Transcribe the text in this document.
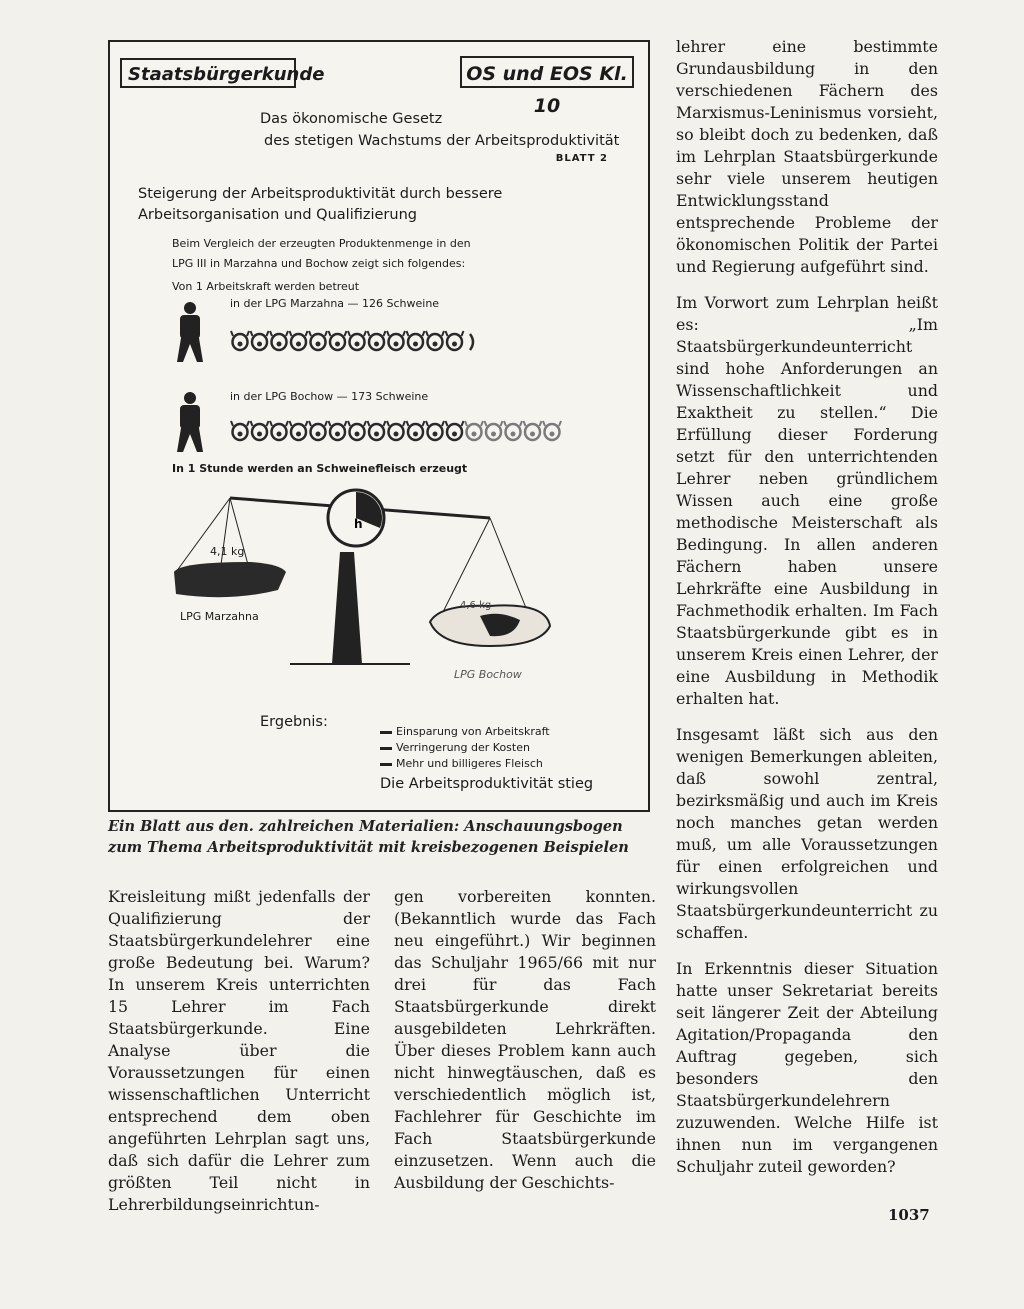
Staatsbürgerkunde	OS und EOS Kl. 10
Das ökonomische Gesetz
des stetigen Wachstums der Arbeitsproduktivität
BLATT 2
Steigerung der Arbeitsproduktivität durch bessere
Arbeitsorganisation und Qualifizierung
Beim Vergleich der erzeugten Produktenmenge in den
LPG III in Marzahna und Bochow zeigt sich folgendes:
Von 1 Arbeitskraft werden betreut
in der LPG Marzahna — 126 Schweine
in der LPG Bochow — 173 Schweine
In 1 Stunde werden an Schweinefleisch erzeugt
h
4,1 kg
4,6 kg
LPG Marzahna
LPG Bochow
Ergebnis:
Einsparung von Arbeitskraft
Verringerung der Kosten
Mehr und billigeres Fleisch
Die Arbeitsproduktivität stieg
Ein Blatt aus den. zahlreichen Materialien: Anschauungsbogen zum Thema Arbeitsproduktivität mit kreisbezogenen Beispielen

Kreisleitung mißt jedenfalls der Qualifizierung der Staatsbürgerkundelehrer eine große Bedeutung bei. Warum? In unserem Kreis unterrichten 15 Lehrer im Fach Staatsbürgerkunde. Eine Analyse über die Voraussetzungen für einen wissenschaftlichen Unterricht entsprechend dem oben angeführten Lehrplan sagt uns, daß sich dafür die Lehrer zum größten Teil nicht in Lehrerbildungseinrichtun-

gen vorbereiten konnten. (Bekanntlich wurde das Fach neu eingeführt.) Wir beginnen das Schuljahr 1965/66 mit nur drei für das Fach Staatsbürgerkunde direkt ausgebildeten Lehrkräften. Über dieses Problem kann auch nicht hinwegtäuschen, daß es verschiedentlich möglich ist, Fachlehrer für Geschichte im Fach Staatsbürgerkunde einzusetzen. Wenn auch die Ausbildung der Geschichts-

lehrer eine bestimmte Grundausbildung in den verschiedenen Fächern des Marxismus-Leninismus vorsieht, so bleibt doch zu bedenken, daß im Lehrplan Staatsbürgerkunde sehr viele unserem heutigen Entwicklungsstand entsprechende Probleme der ökonomischen Politik der Partei und Regierung aufgeführt sind.

Im Vorwort zum Lehrplan heißt es: „Im Staatsbürgerkundeunterricht sind hohe Anforderungen an Wissenschaftlichkeit und Exaktheit zu stellen.“ Die Erfüllung dieser Forderung setzt für den unterrichtenden Lehrer neben gründlichem Wissen auch eine große methodische Meisterschaft als Bedingung. In allen anderen Fächern haben unsere Lehrkräfte eine Ausbildung in Fachmethodik erhalten. Im Fach Staatsbürgerkunde gibt es in unserem Kreis einen Lehrer, der eine Ausbildung in Methodik erhalten hat.

Insgesamt läßt sich aus den wenigen Bemerkungen ableiten, daß sowohl zentral, bezirksmäßig und auch im Kreis noch manches getan werden muß, um alle Voraussetzungen für einen erfolgreichen und wirkungsvollen Staatsbürgerkundeunterricht zu schaffen.

In Erkenntnis dieser Situation hatte unser Sekretariat bereits seit längerer Zeit der Abteilung Agitation/Propaganda den Auftrag gegeben, sich besonders den Staatsbürgerkundelehrern zuzuwenden. Welche Hilfe ist ihnen nun im vergangenen Schuljahr zuteil geworden?

1037
